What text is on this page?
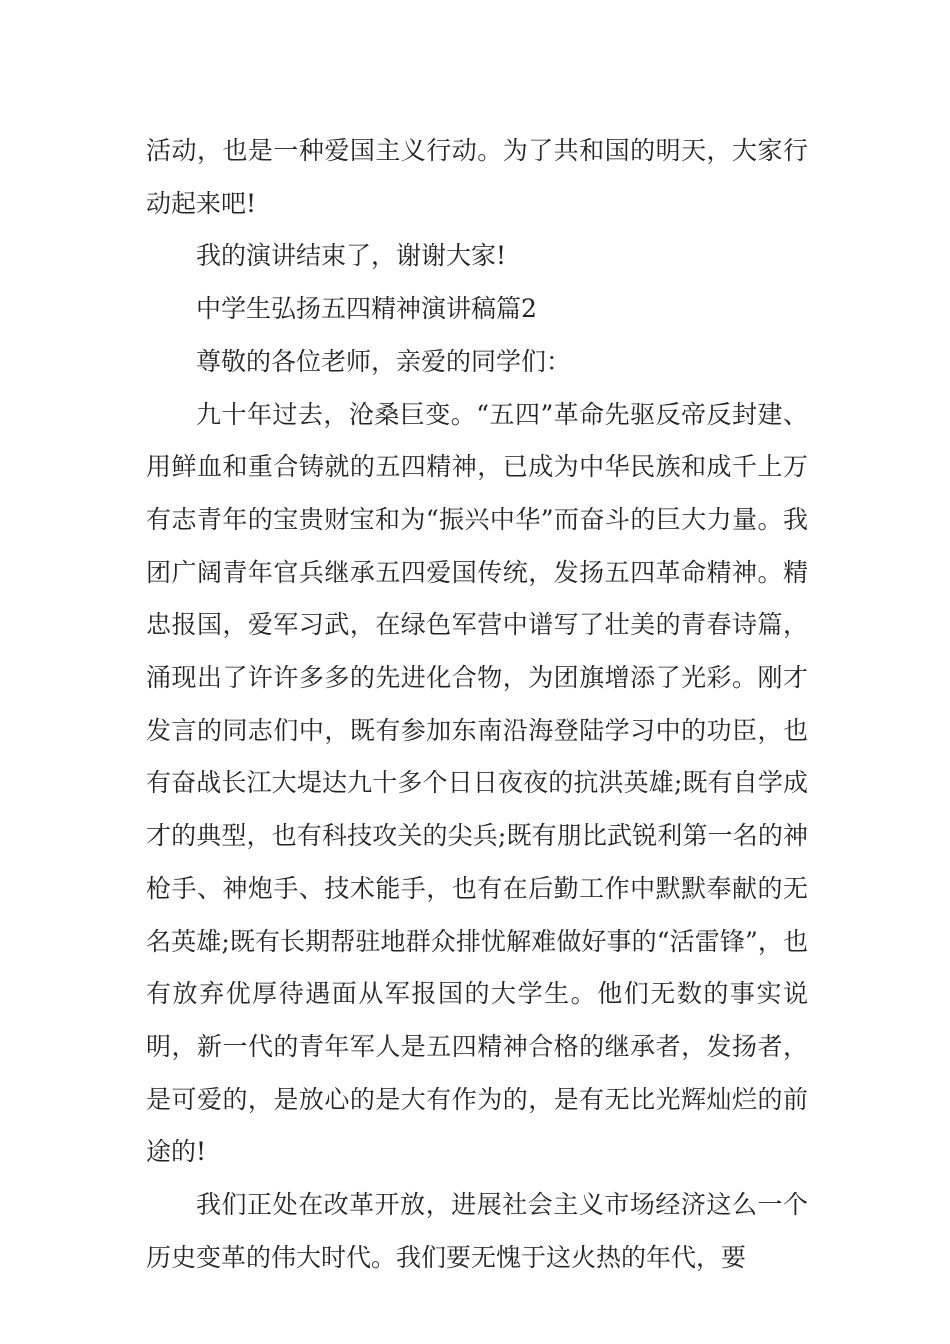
活动，也是一种爱国主义行动。为了共和国的明天，大家行动起来吧!

我的演讲结束了，谢谢大家!

中学生弘扬五四精神演讲稿篇2

尊敬的各位老师，亲爱的同学们：

九十年过去，沧桑巨变。“五四”革命先驱反帝反封建、用鲜血和重合铸就的五四精神，已成为中华民族和成千上万有志青年的宝贵财宝和为“振兴中华”而奋斗的巨大力量。我团广阔青年官兵继承五四爱国传统，发扬五四革命精神。精忠报国，爱军习武，在绿色军营中谱写了壮美的青春诗篇，涌现出了许许多多的先进化合物，为团旗增添了光彩。刚才发言的同志们中，既有参加东南沿海登陆学习中的功臣，也有奋战长江大堤达九十多个日日夜夜的抗洪英雄;既有自学成才的典型，也有科技攻关的尖兵;既有朋比武锐利第一名的神枪手、神炮手、技术能手，也有在后勤工作中默默奉献的无名英雄;既有长期帮驻地群众排忧解难做好事的“活雷锋”，也有放弃优厚待遇面从军报国的大学生。他们无数的事实说明，新一代的青年军人是五四精神合格的继承者，发扬者，是可爱的，是放心的是大有作为的，是有无比光辉灿烂的前途的!

我们正处在改革开放，进展社会主义市场经济这么一个历史变革的伟大时代。我们要无愧于这火热的年代，要
